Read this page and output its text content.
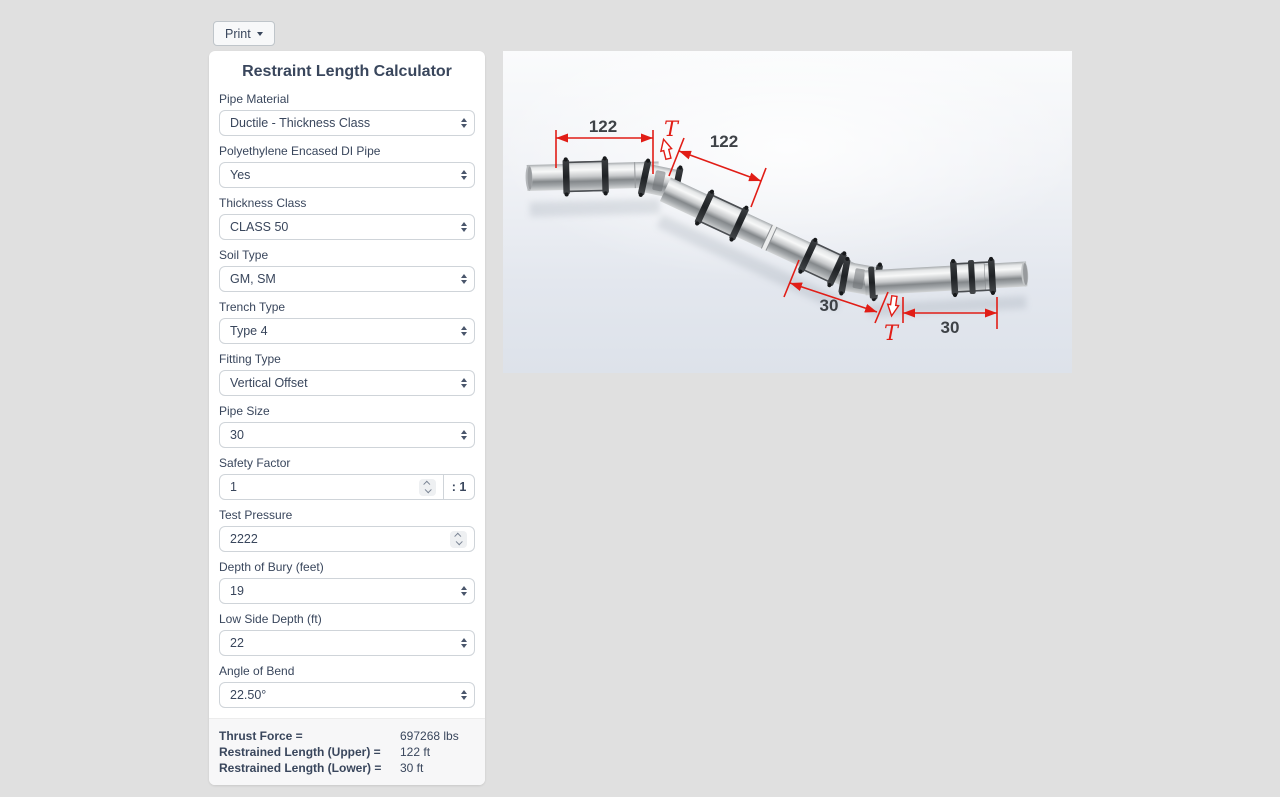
Print
Restraint Length Calculator
Pipe Material
Ductile - Thickness Class
Polyethylene Encased DI Pipe
Yes
Thickness Class
CLASS 50
Soil Type
GM, SM
Trench Type
Type 4
Fitting Type
Vertical Offset
Pipe Size
30
Safety Factor
1
: 1
Test Pressure
2222
Depth of Bury (feet)
19
Low Side Depth (ft)
22
Angle of Bend
22.50°
Thrust Force =	697268 lbs
Restrained Length (Upper) =	122 ft
Restrained Length (Lower) =	30 ft
T
T
122
122
30
30
